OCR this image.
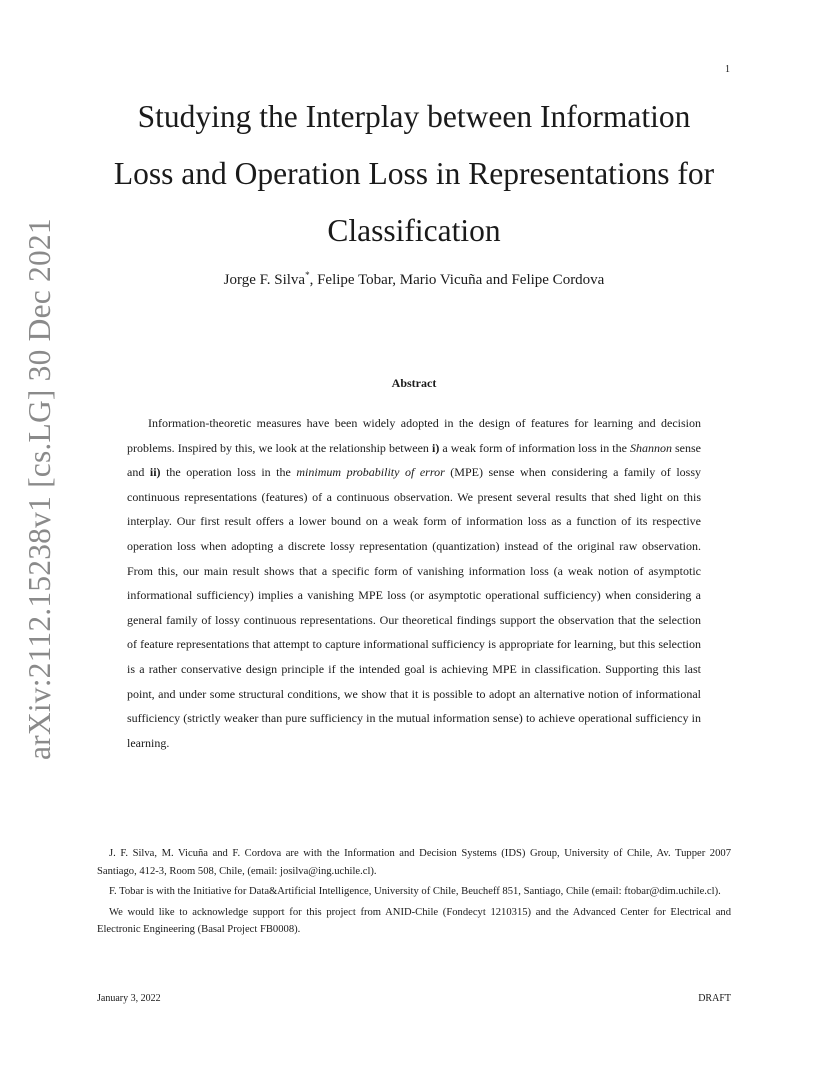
1
arXiv:2112.15238v1 [cs.LG] 30 Dec 2021
Studying the Interplay between Information
Loss and Operation Loss in Representations for
Classification
Jorge F. Silva*, Felipe Tobar, Mario Vicuña and Felipe Cordova
Abstract

Information-theoretic measures have been widely adopted in the design of features for learning and decision problems. Inspired by this, we look at the relationship between i) a weak form of information loss in the Shannon sense and ii) the operation loss in the minimum probability of error (MPE) sense when considering a family of lossy continuous representations (features) of a continuous observation. We present several results that shed light on this interplay. Our first result offers a lower bound on a weak form of information loss as a function of its respective operation loss when adopting a discrete lossy representation (quantization) instead of the original raw observation. From this, our main result shows that a specific form of vanishing information loss (a weak notion of asymptotic informational sufficiency) implies a vanishing MPE loss (or asymptotic operational sufficiency) when considering a general family of lossy continuous representations. Our theoretical findings support the observation that the selection of feature representations that attempt to capture informational sufficiency is appropriate for learning, but this selection is a rather conservative design principle if the intended goal is achieving MPE in classification. Supporting this last point, and under some structural conditions, we show that it is possible to adopt an alternative notion of informational sufficiency (strictly weaker than pure sufficiency in the mutual information sense) to achieve operational sufficiency in learning.

J. F. Silva, M. Vicuña and F. Cordova are with the Information and Decision Systems (IDS) Group, University of Chile, Av. Tupper 2007 Santiago, 412-3, Room 508, Chile, (email: josilva@ing.uchile.cl).

F. Tobar is with the Initiative for Data&Artificial Intelligence, University of Chile, Beucheff 851, Santiago, Chile (email: ftobar@dim.uchile.cl).

We would like to acknowledge support for this project from ANID-Chile (Fondecyt 1210315) and the Advanced Center for Electrical and Electronic Engineering (Basal Project FB0008).

January 3, 2022	DRAFT
